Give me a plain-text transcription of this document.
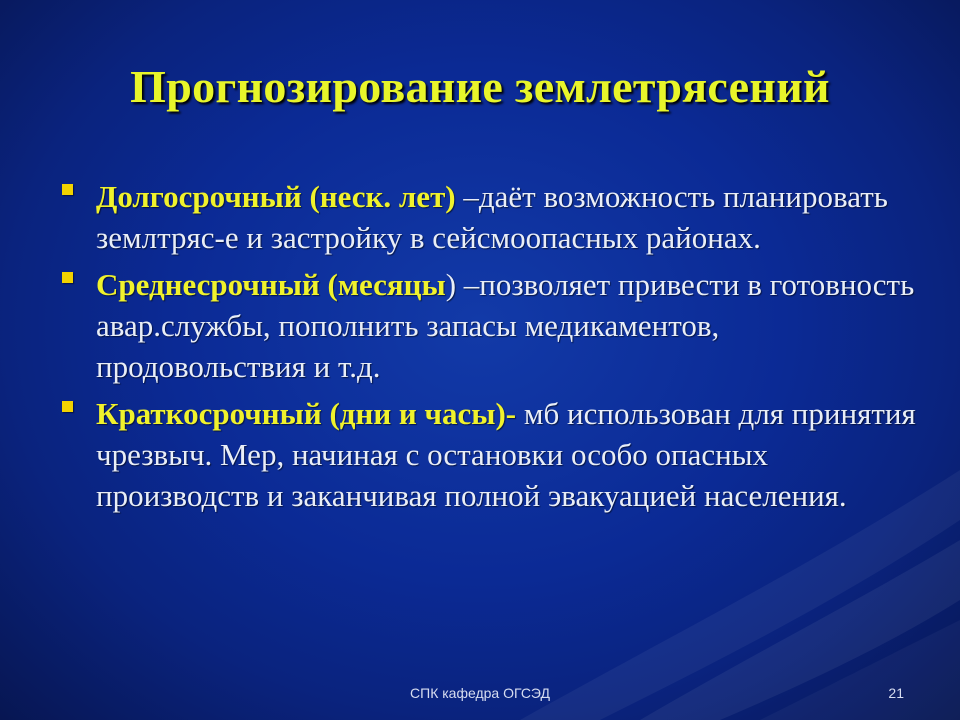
Прогнозирование землетрясений
Долгосрочный (неск. лет) –даёт возможность планировать землтряс-е и застройку в сейсмоопасных районах.
Среднесрочный (месяцы) –позволяет привести в готовность авар.службы, пополнить запасы медикаментов, продовольствия и т.д.
Краткосрочный (дни и часы)- мб использован для принятия чрезвыч. Мер, начиная с остановки особо опасных производств и заканчивая полной эвакуацией населения.
СПК кафедра ОГСЭД	21
